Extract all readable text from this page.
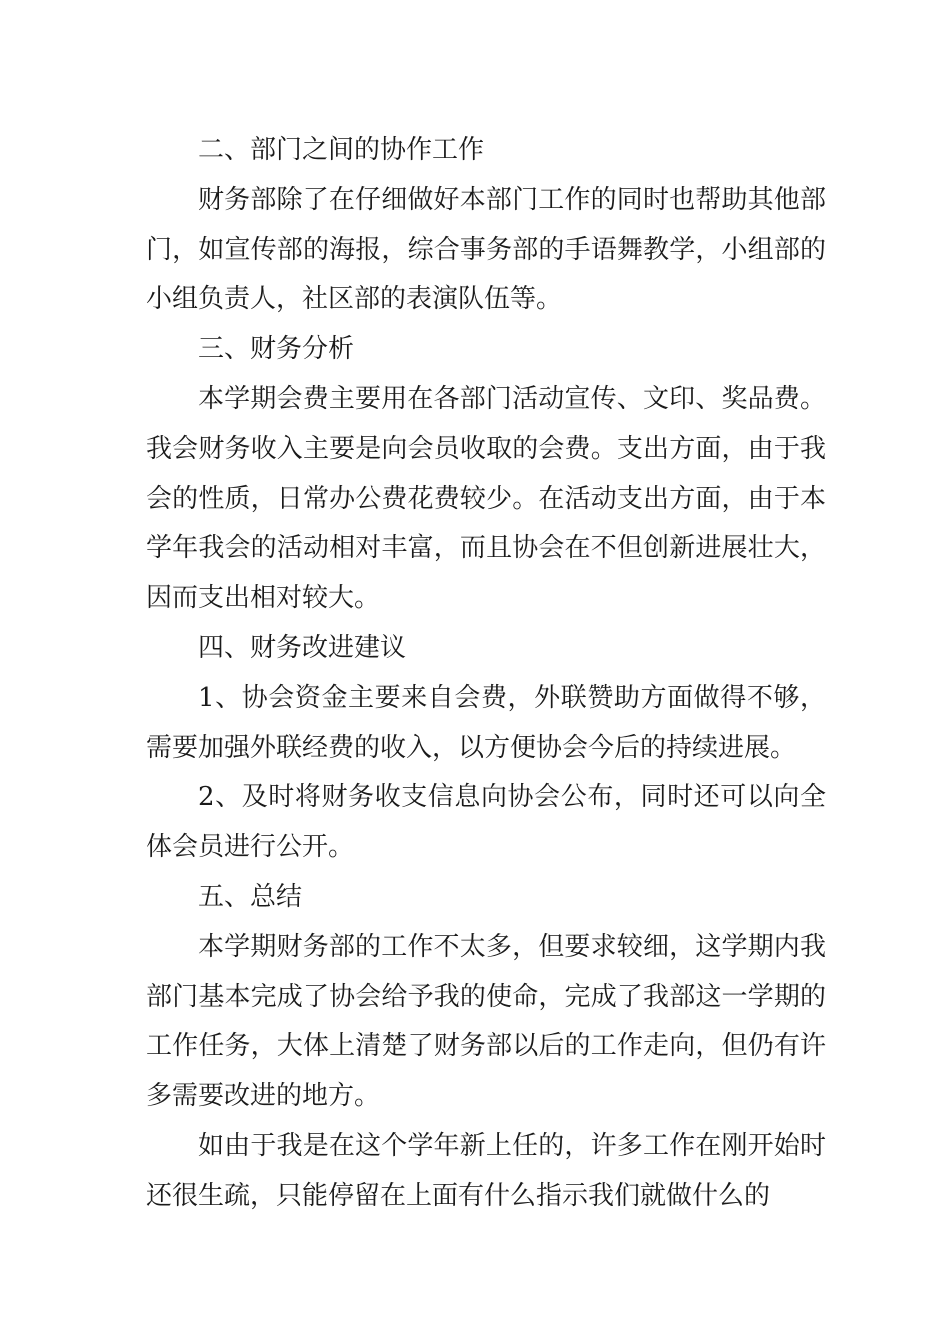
二、部门之间的协作工作

财务部除了在仔细做好本部门工作的同时也帮助其他部门，如宣传部的海报，综合事务部的手语舞教学，小组部的小组负责人，社区部的表演队伍等。

三、财务分析

本学期会费主要用在各部门活动宣传、文印、奖品费。我会财务收入主要是向会员收取的会费。支出方面，由于我会的性质，日常办公费花费较少。在活动支出方面，由于本学年我会的活动相对丰富，而且协会在不但创新进展壮大，因而支出相对较大。

四、财务改进建议

1、协会资金主要来自会费，外联赞助方面做得不够，需要加强外联经费的收入，以方便协会今后的持续进展。

2、及时将财务收支信息向协会公布，同时还可以向全体会员进行公开。

五、总结

本学期财务部的工作不太多，但要求较细，这学期内我部门基本完成了协会给予我的使命，完成了我部这一学期的工作任务，大体上清楚了财务部以后的工作走向，但仍有许多需要改进的地方。

如由于我是在这个学年新上任的，许多工作在刚开始时还很生疏，只能停留在上面有什么指示我们就做什么的
